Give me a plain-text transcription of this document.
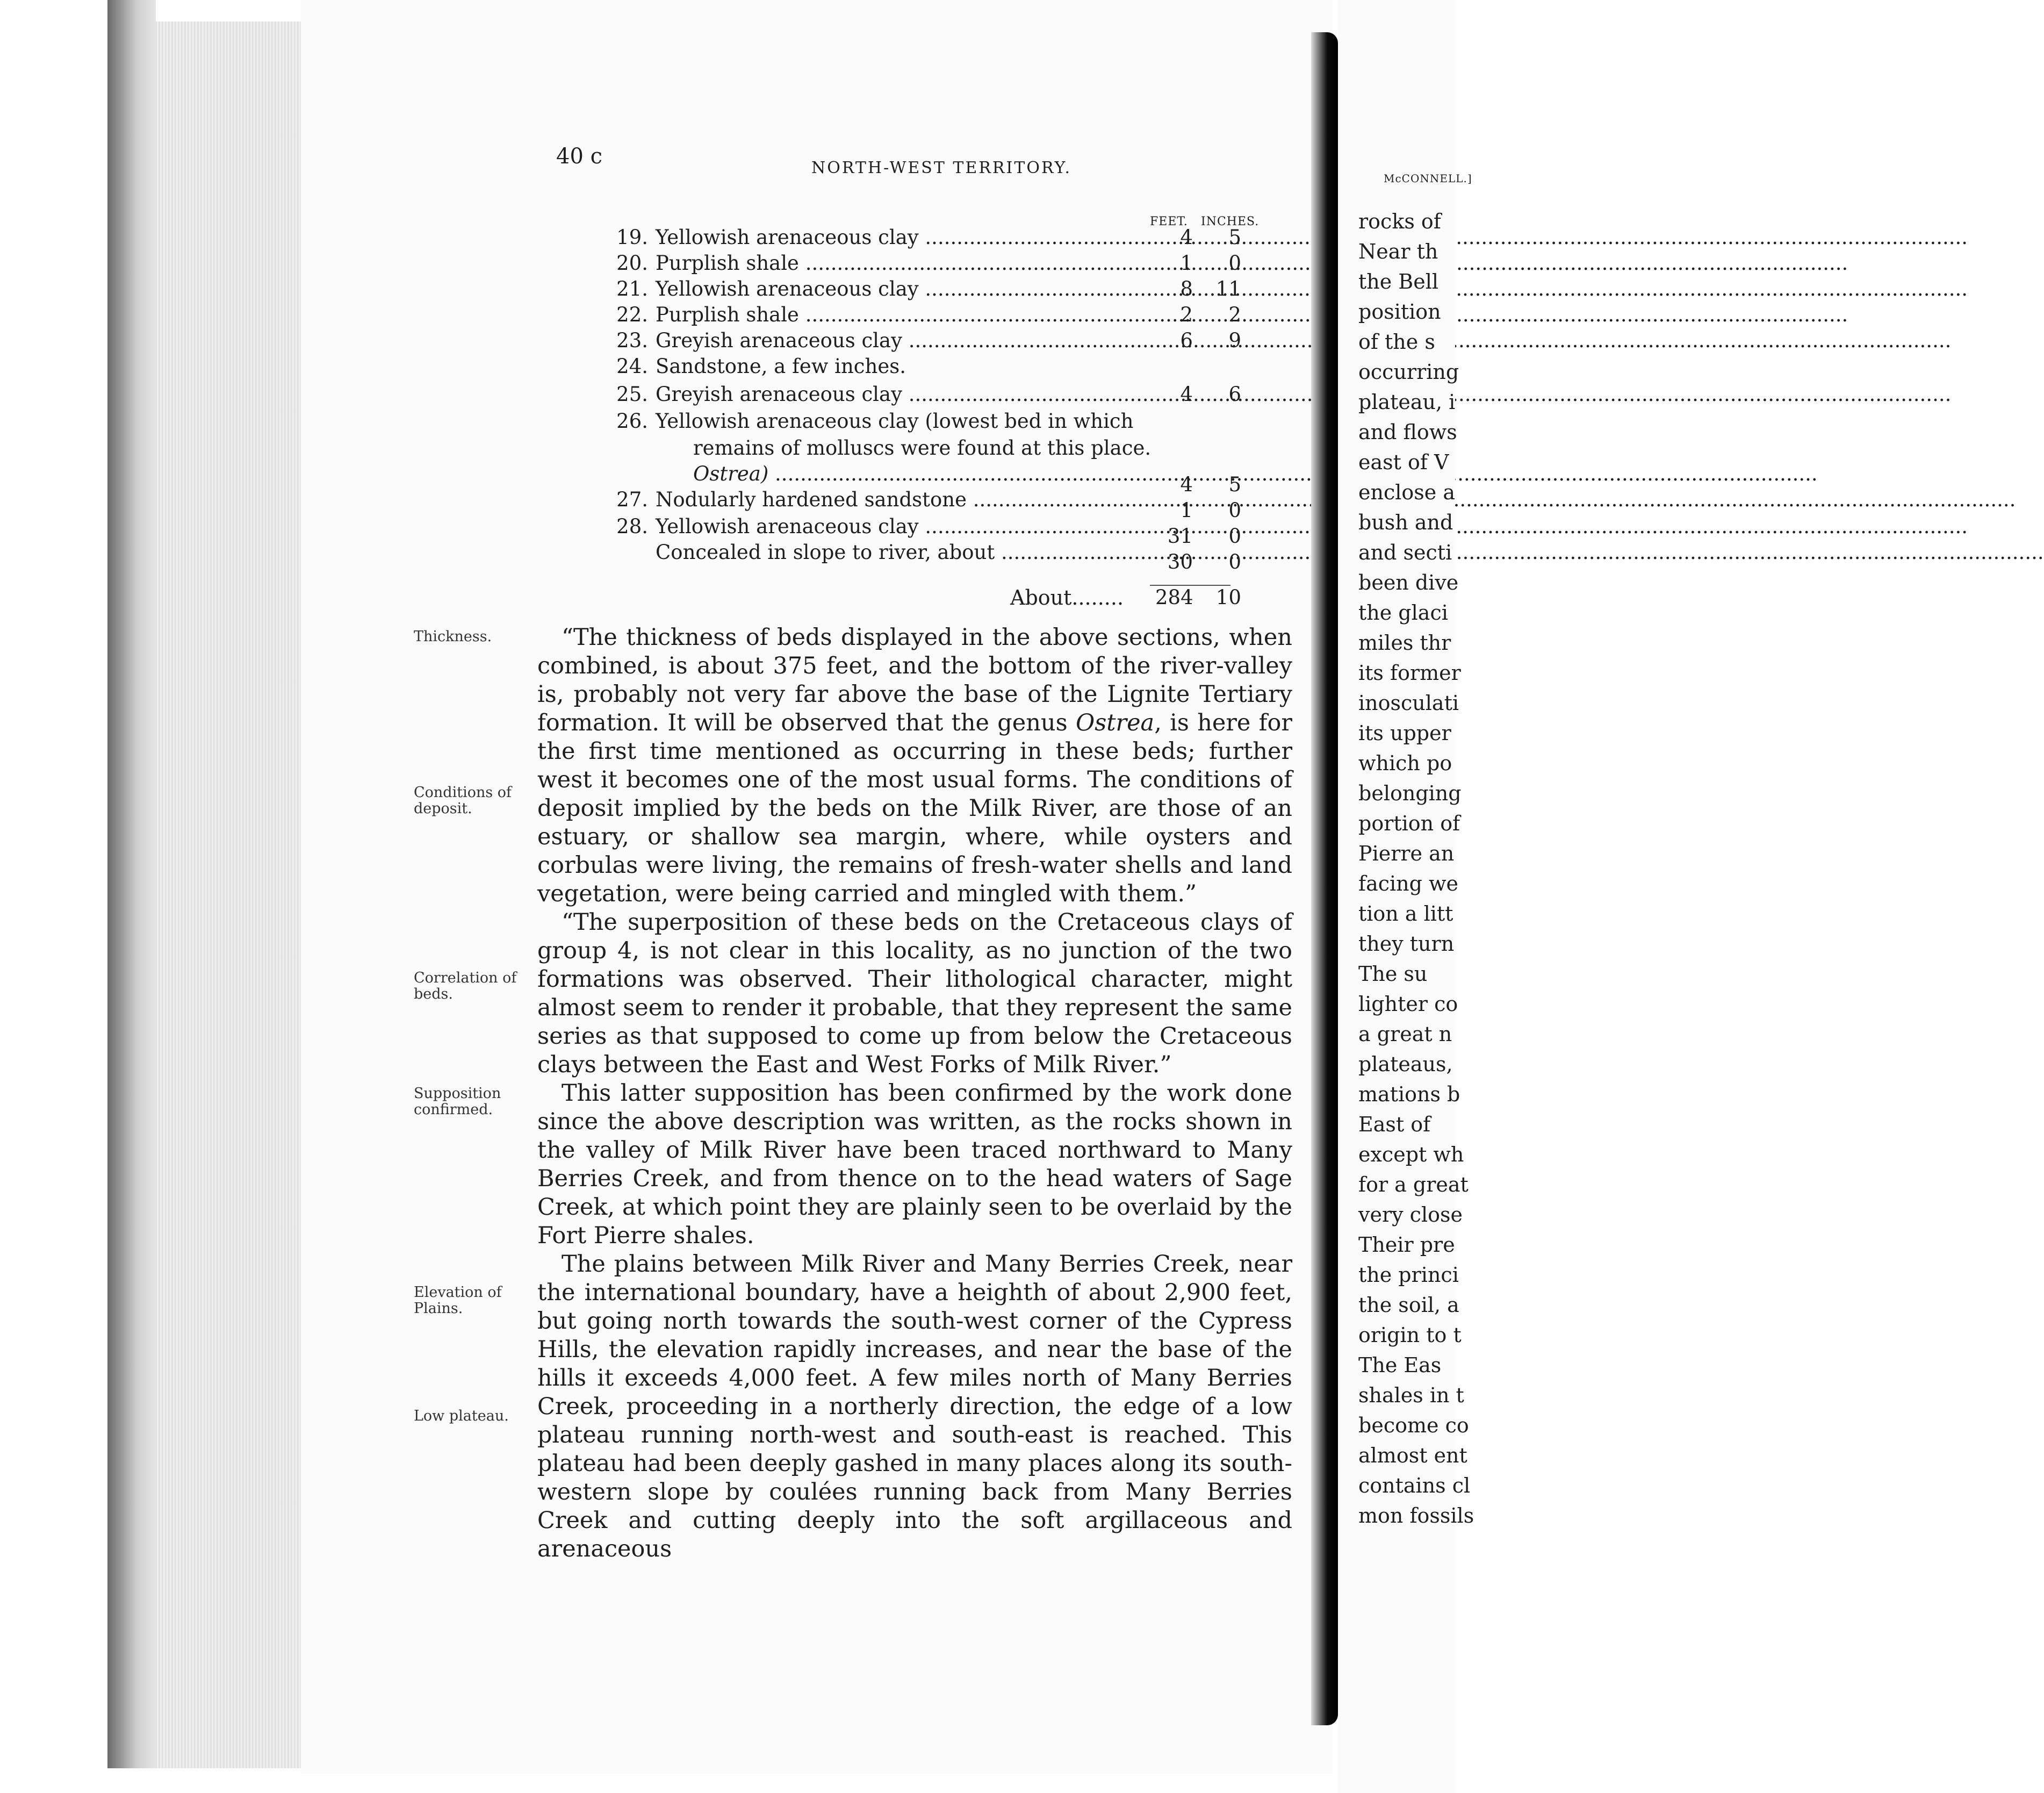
40 c	NORTH-WEST TERRITORY.
FEET. INCHES.
19. Yellowish arenaceous clay .....	4	5
20. Purplish shale .....	1	0
21. Yellowish arenaceous clay .....	8	11
22. Purplish shale .....	2	2
23. Greyish arenaceous clay .....	6	9
24. Sandstone, a few inches.
25. Greyish arenaceous clay .....	4	6
26. Yellowish arenaceous clay (lowest bed in which
remains of molluscs were found at this place.
Ostrea) .....	4	5
27. Nodularly hardened sandstone .....	1	0
28. Yellowish arenaceous clay .....	31	0
Concealed in slope to river, about .....	30	0
About........ 284	10
Thickness.
Conditions of
deposit.
Correlation of
beds.
Supposition
confirmed.
Elevation of
Plains.
Low plateau.

“The thickness of beds displayed in the above sections, when combined, is about 375 feet, and the bottom of the river-valley is, probably not very far above the base of the Lignite Tertiary formation. It will be observed that the genus Ostrea, is here for the first time mentioned as occurring in these beds; further west it becomes one of the most usual forms. The conditions of deposit implied by the beds on the Milk River, are those of an estuary, or shallow sea margin, where, while oysters and corbulas were living, the remains of fresh-water shells and land vegetation, were being carried and mingled with them.”

“The superposition of these beds on the Cretaceous clays of group 4, is not clear in this locality, as no junction of the two formations was observed. Their lithological character, might almost seem to render it probable, that they represent the same series as that supposed to come up from below the Cretaceous clays between the East and West Forks of Milk River.”

This latter supposition has been confirmed by the work done since the above description was written, as the rocks shown in the valley of Milk River have been traced northward to Many Berries Creek, and from thence on to the head waters of Sage Creek, at which point they are plainly seen to be overlaid by the Fort Pierre shales.

The plains between Milk River and Many Berries Creek, near the international boundary, have a heighth of about 2,900 feet, but going north towards the south-west corner of the Cypress Hills, the elevation rapidly increases, and near the base of the hills it exceeds 4,000 feet. A few miles north of Many Berries Creek, proceeding in a northerly direction, the edge of a low plateau running north-west and south-east is reached. This plateau had been deeply gashed in many places along its south-western slope by coulées running back from Many Berries Creek and cutting deeply into the soft argillaceous and arenaceous

McCONNELL.]
rocks of
Near th
the Bell
position
of the s
occurring
plateau, i
and flows
east of V
enclose a
bush and
and secti
been dive
the glaci
miles thr
its former
inosculati
its upper
which po
belonging
portion of
Pierre an
facing we
tion a litt
they turn
The su
lighter co
a great n
plateaus,
mations b
East of
except wh
for a great
very close
Their pre
the princi
the soil, a
origin to t
The Eas
shales in t
become co
almost ent
contains cl
mon fossils
